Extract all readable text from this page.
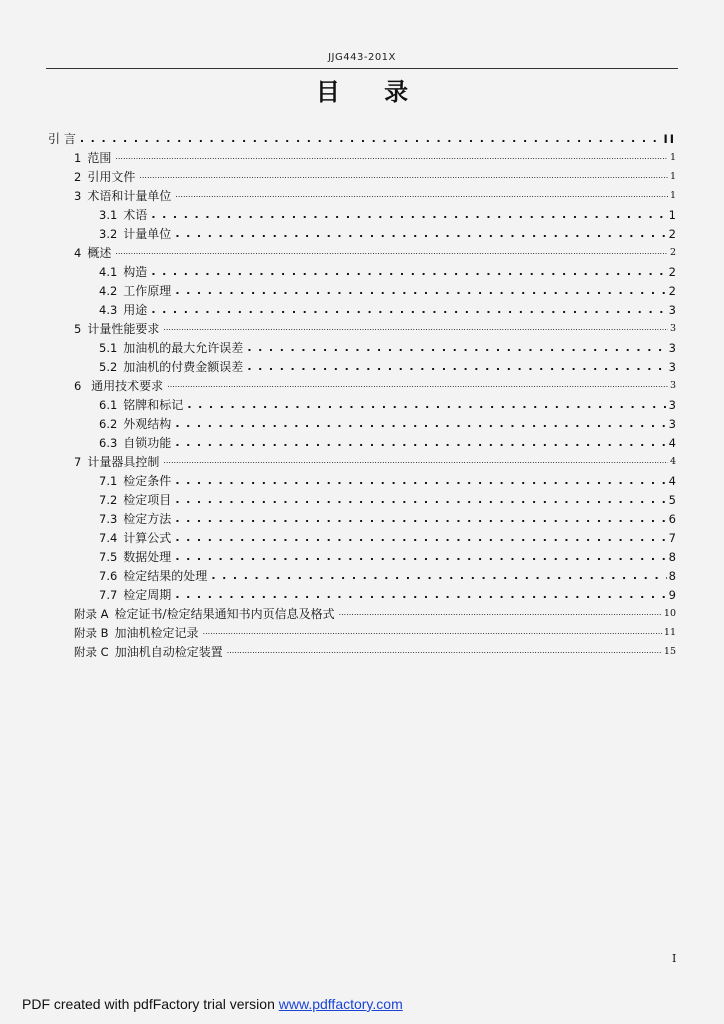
JJG443-201X
目 录
引 言 . . .	II
1 范围 .....	1
2 引用文件 .....	1
3 术语和计量单位 .....	1
3.1 术语 . . .	1
3.2 计量单位 . . .	2
4 概述 .....	2
4.1 构造 . . .	2
4.2 工作原理 . . .	2
4.3 用途 . . .	3
5 计量性能要求 .....	3
5.1 加油机的最大允许误差 . . .	3
5.2 加油机的付费金额误差 . . .	3
6 通用技术要求 .....	3
6.1 铭牌和标记 . . .	3
6.2 外观结构 . . .	3
6.3 自锁功能 . . .	4
7 计量器具控制 .....	4
7.1 检定条件 . . .	4
7.2 检定项目 . . .	5
7.3 检定方法 . . .	6
7.4 计算公式 . . .	7
7.5 数据处理 . . .	8
7.6 检定结果的处理 . . .	8
7.7 检定周期 . . .	9
附录 A 检定证书/检定结果通知书内页信息及格式 .....	10
附录 B 加油机检定记录 .....	11
附录 C 加油机自动检定装置 .....	15
I
PDF created with pdfFactory trial version www.pdffactory.com
